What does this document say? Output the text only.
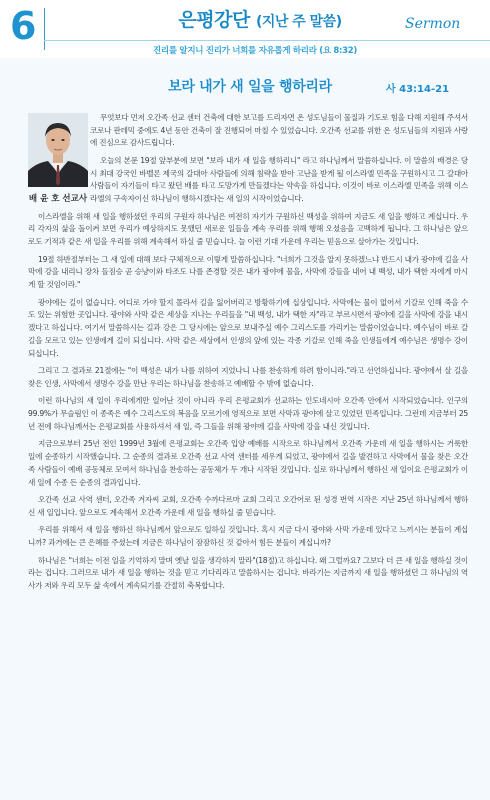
6	은평강단 (지난 주 말씀)	Sermon
진리를 알지니 진리가 너희를 자유롭게 하리라 (요 8:32)
보라 내가 새 일을 행하리라	사 43:14-21
배 윤 호 선교사

무엇보다 먼저 오간족 선교 센터 건축에 대한 보고를 드리자면 온 성도님들이 물질과 기도로 힘을 다해 지원해 주셔서 코로나 판데믹 중에도 4년 동안 건축이 잘 진행되어 마칠 수 있었습니다. 오간족 선교를 위한 온 성도님들의 지원과 사랑에 진심으로 감사드립니다.

오늘의 본문 19절 앞부분에 보면 "보라 내가 새 일을 행하리니" 라고 하나님께서 말씀하십니다. 이 말씀의 배경은 당시 최대 강국인 바벨론 제국의 갈대아 사람들에 의해 침략을 받아 고난을 받게 될 이스라엘 민족을 구원하시고 그 갈대아 사람들이 자기들이 타고 왔던 배를 타고 도망가게 만들겠다는 약속을 하십니다. 이것이 바로 이스라엘 민족을 위해 이스라엘의 구속자이신 하나님이 행하시겠다는 새 일의 시작이었습니다.

이스라엘을 위해 새 일을 행하셨던 우리의 구원자 하나님은 여전히 자기가 구원하신 백성을 위하여 지금도 새 일을 행하고 계십니다. 우리 각자의 삶을 돌이켜 보면 우리가 예상하지도 못했던 새로운 일들을 계속 우리를 위해 행해 오셨음을 고백하게 됩니다. 그 하나님은 앞으로도 기적과 같은 새 일을 우리를 위해 계속해서 하실 줄 믿습니다. 늘 이런 기대 가운데 우리는 믿음으로 살아가는 것입니다.

19절 하반절부터는 그 새 일에 대해 보다 구체적으로 이렇게 말씀하십니다. "너희가 그것을 알지 못하겠느냐 반드시 내가 광야에 길을 사막에 강을 내리니 장차 들짐승 곧 승냥이와 타조도 나를 존경할 것은 내가 광야에 물을, 사막에 강들을 내어 내 백성, 내가 택한 자에게 마시게 할 것임이라."

광야에는 길이 없습니다. 어디로 가야 할지 몰라서 길을 잃어버리고 방황하기에 십상입니다. 사막에는 물이 없어서 기갈로 인해 죽을 수도 있는 위험한 곳입니다. 광야와 사막 같은 세상을 지나는 우리들을 "내 백성, 내가 택한 자"라고 부르시면서 광야에 길을 사막에 강을 내시겠다고 하십니다. 여기서 말씀하시는 길과 강은 그 당시에는 앞으로 보내주실 예수 그리스도를 가리키는 말씀이었습니다. 예수님이 바로 갈 길을 모르고 있는 인생에게 길이 되십니다. 사막 같은 세상에서 인생의 앞에 있는 각종 기갈로 인해 죽을 인생들에게 예수님은 생명수 강이 되십니다.

그리고 그 결과로 21절에는 "이 백성은 내가 나를 위하여 지었나니 나를 찬송하게 하려 함이니라."라고 선언하십니다. 광야에서 살 길을 찾은 인생, 사막에서 생명수 강을 만난 우리는 하나님을 찬송하고 예배할 수 밖에 없습니다.

이런 하나님의 새 일이 우리에게만 일어난 것이 아니라 우리 은평교회가 선교하는 인도네시아 오간족 안에서 시작되었습니다. 인구의 99.9%가 무슬림인 이 종족은 예수 그리스도의 복음을 모르기에 영적으로 보면 사막과 광야에 살고 있었던 민족입니다. 그런데 지금부터 25년 전에 하나님께서는 은평교회를 사용하셔서 새 일, 즉 그들을 위해 광야에 길을 사막에 강을 내신 것입니다.

지금으로부터 25년 전인 1999년 3월에 은평교회는 오간족 입양 예배를 시작으로 하나님께서 오간족 가운데 새 일을 행하시는 거룩한 일에 순종하기 시작했습니다. 그 순종의 결과로 오간족 선교 사역 센터를 세우게 되었고, 광야에서 길을 발견하고 사막에서 물을 찾은 오간족 사람들이 예배 공동체로 모여서 하나님을 찬송하는 공동체가 두 개나 시작된 것입니다. 실로 하나님께서 행하신 새 일이요 은평교회가 이 새 일에 수종 든 순종의 결과입니다.

오간족 선교 사역 센터, 오간족 겨자씨 교회, 오간족 수까다르마 교회 그리고 오간어로 된 성경 번역 시작은 지난 25년 하나님께서 행하신 새 일입니다. 앞으로도 계속해서 오간족 가운데 새 일을 행하실 줄 믿습니다.

우리를 위해서 새 일을 행하신 하나님께서 앞으로도 일하실 것입니다. 혹시 지금 다시 광야와 사막 가운데 있다고 느끼시는 분들이 계십니까? 과거에는 큰 은혜를 주셨는데 지금은 하나님이 잠잠하신 것 같아서 힘든 분들이 계십니까?

하나님은 "너희는 이전 일을 기억하지 말며 옛날 일을 생각하지 말라"(18절)고 하십니다. 왜 그럴까요? 그보다 더 큰 새 일을 행하실 것이라는 겁니다. 그러므로 내가 새 일을 행하는 것을 믿고 기다리라고 말씀하시는 겁니다. 바라기는 지금까지 새 일을 행하셨던 그 하나님의 역사가 저와 우리 모두 삶 속에서 계속되기를 간절히 축복합니다.
